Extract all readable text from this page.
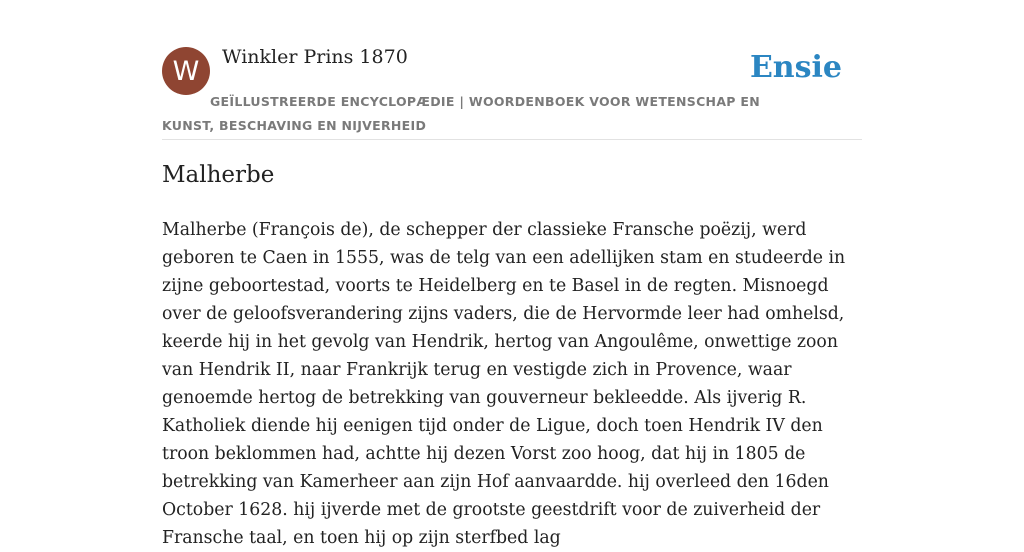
W Winkler Prins 1870	Ensie
GEÏLLUSTREERDE ENCYCLOPÆDIE | WOORDENBOEK VOOR WETENSCHAP EN KUNST, BESCHAVING EN NIJVERHEID
Malherbe

Malherbe (François de), de schepper der classieke Fransche poëzij, werd geboren te Caen in 1555, was de telg van een adellijken stam en studeerde in zijne geboortestad, voorts te Heidelberg en te Basel in de regten. Misnoegd over de geloofsverandering zijns vaders, die de Hervormde leer had omhelsd, keerde hij in het gevolg van Hendrik, hertog van Angoulême, onwettige zoon van Hendrik II, naar Frankrijk terug en vestigde zich in Provence, waar genoemde hertog de betrekking van gouverneur bekleedde. Als ijverig R. Katholiek diende hij eenigen tijd onder de Ligue, doch toen Hendrik IV den troon beklommen had, achtte hij dezen Vorst zoo hoog, dat hij in 1805 de betrekking van Kamerheer aan zijn Hof aanvaardde. hij overleed den 16den October 1628. hij ijverde met de grootste geestdrift voor de zuiverheid der Fransche taal, en toen hij op zijn sterfbed lag
